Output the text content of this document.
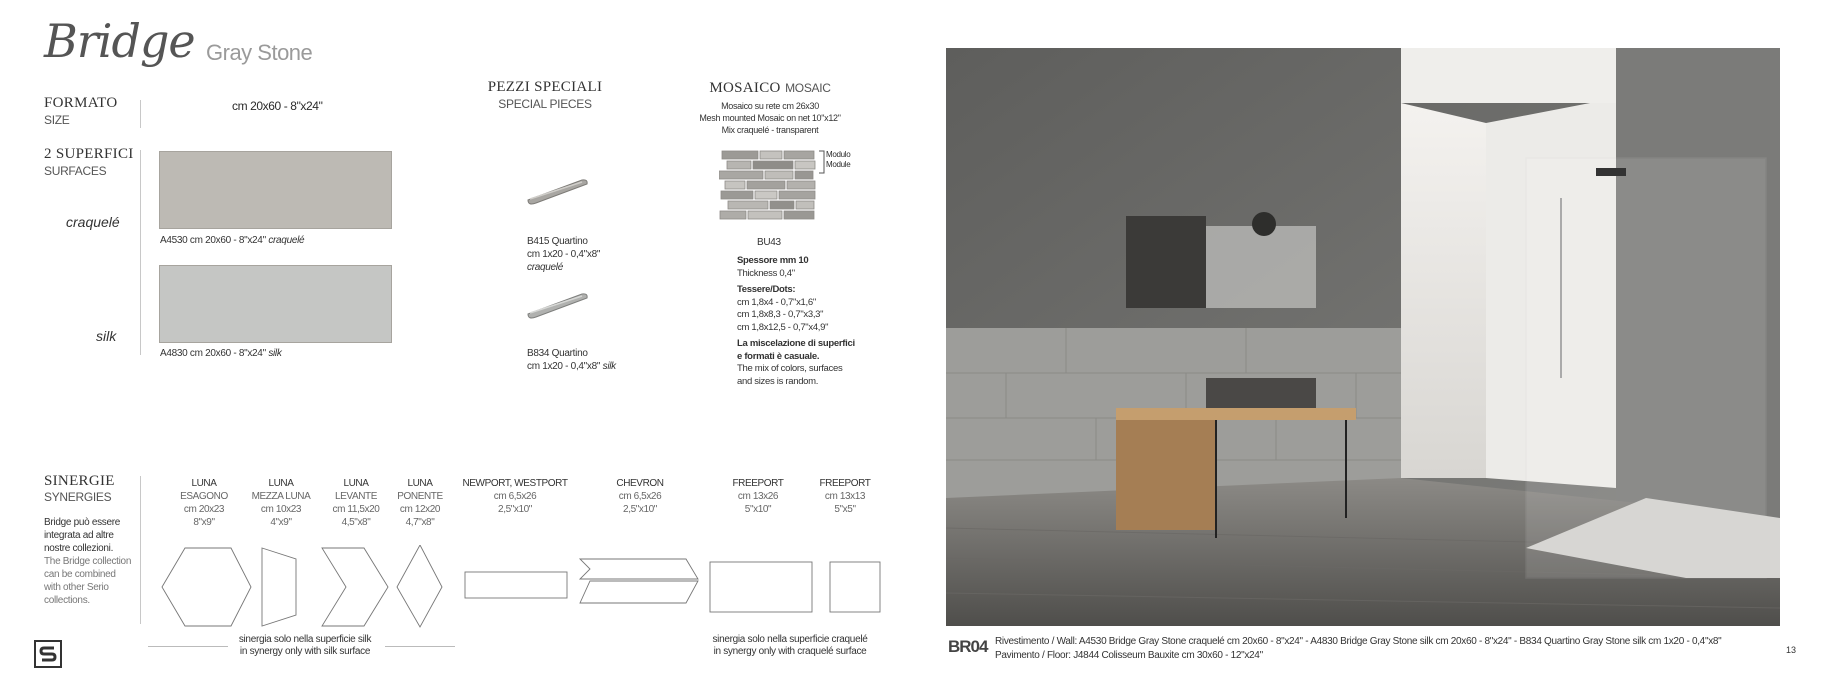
Bridge Gray Stone
FORMATO
SIZE
cm 20x60 - 8"x24"
2 SUPERFICI
SURFACES
craquelé
silk
A4530 cm 20x60 - 8"x24" craquelé
A4830 cm 20x60 - 8"x24" silk
PEZZI SPECIALI
SPECIAL PIECES
B415 Quartino
cm 1x20 - 0,4"x8"
craquelé
B834 Quartino
cm 1x20 - 0,4"x8" silk
MOSAICO MOSAIC
Mosaico su rete cm 26x30
Mesh mounted Mosaic on net 10"x12"
Mix craquelé - transparent
Modulo
Module
BU43
Spessore mm 10
Thickness 0,4"
Tessere/Dots:
cm 1,8x4 - 0,7"x1,6"
cm 1,8x8,3 - 0,7"x3,3"
cm 1,8x12,5 - 0,7"x4,9"
La miscelazione di superfici
e formati è casuale.
The mix of colors, surfaces
and sizes is random.
SINERGIE
SYNERGIES
Bridge può essere
integrata ad altre
nostre collezioni.
The Bridge collection
can be combined
with other Serio
collections.
LUNA
ESAGONO
cm 20x23
8"x9"
LUNA
MEZZA LUNA
cm 10x23
4"x9"
LUNA
LEVANTE
cm 11,5x20
4,5"x8"
LUNA
PONENTE
cm 12x20
4,7"x8"
NEWPORT, WESTPORT
cm 6,5x26
2,5"x10"
CHEVRON
cm 6,5x26
2,5"x10"
FREEPORT
cm 13x26
5"x10"
FREEPORT
cm 13x13
5"x5"
sinergia solo nella superficie silk
in synergy only with silk surface
sinergia solo nella superficie craquelé
in synergy only with craquelé surface	BR04 Rivestimento / Wall: A4530 Bridge Gray Stone craquelé cm 20x60 - 8"x24" - A4830 Bridge Gray Stone silk cm 20x60 - 8"x24" - B834 Quartino Gray Stone silk cm 1x20 - 0,4"x8"
Pavimento / Floor: J4844 Colisseum Bauxite cm 30x60 - 12"x24"	13
